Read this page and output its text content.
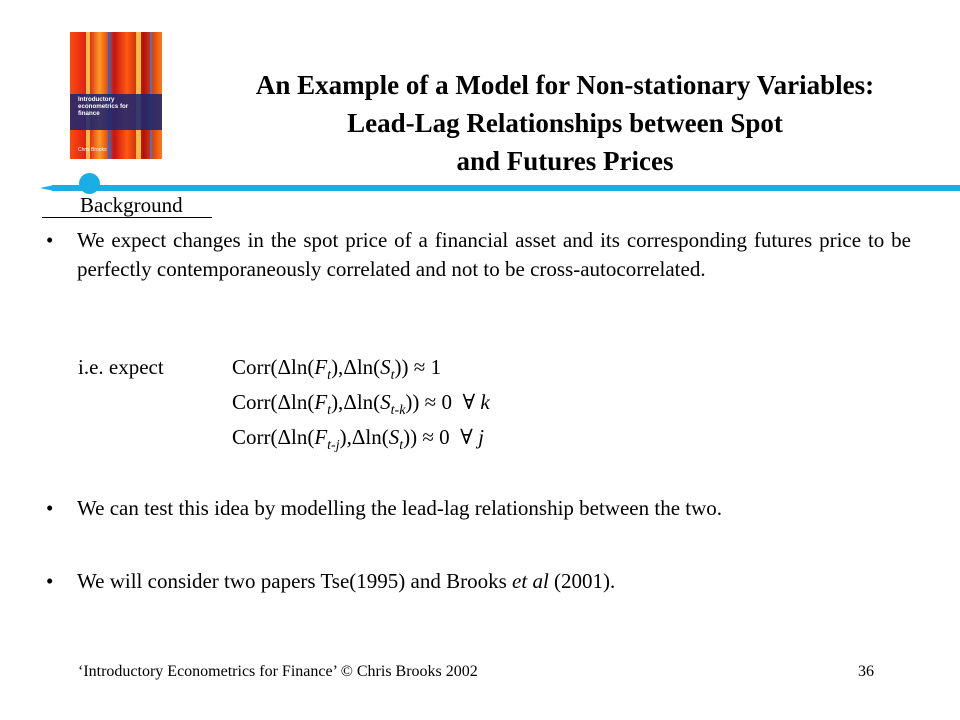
Introductory econometrics for finance
Chris Brooks
An Example of a Model for Non-stationary Variables:
Lead-Lag Relationships between Spot
and Futures Prices
Background
• We expect changes in the spot price of a financial asset and its corresponding futures price to be perfectly contemporaneously correlated and not to be cross-autocorrelated.
i.e. expect	$Corr(\Delta\ln(F_t),\Delta\ln(S_t)) \approx 1$
$Corr(\Delta\ln(F_t),\Delta\ln(S_{t-k})) \approx 0$ ∀ k
$Corr(\Delta\ln(F_{t-j}),\Delta\ln(S_t)) \approx 0$ ∀ j
• We can test this idea by modelling the lead-lag relationship between the two.
• We will consider two papers Tse(1995) and Brooks et al (2001).
‘Introductory Econometrics for Finance’ © Chris Brooks 2002	36
